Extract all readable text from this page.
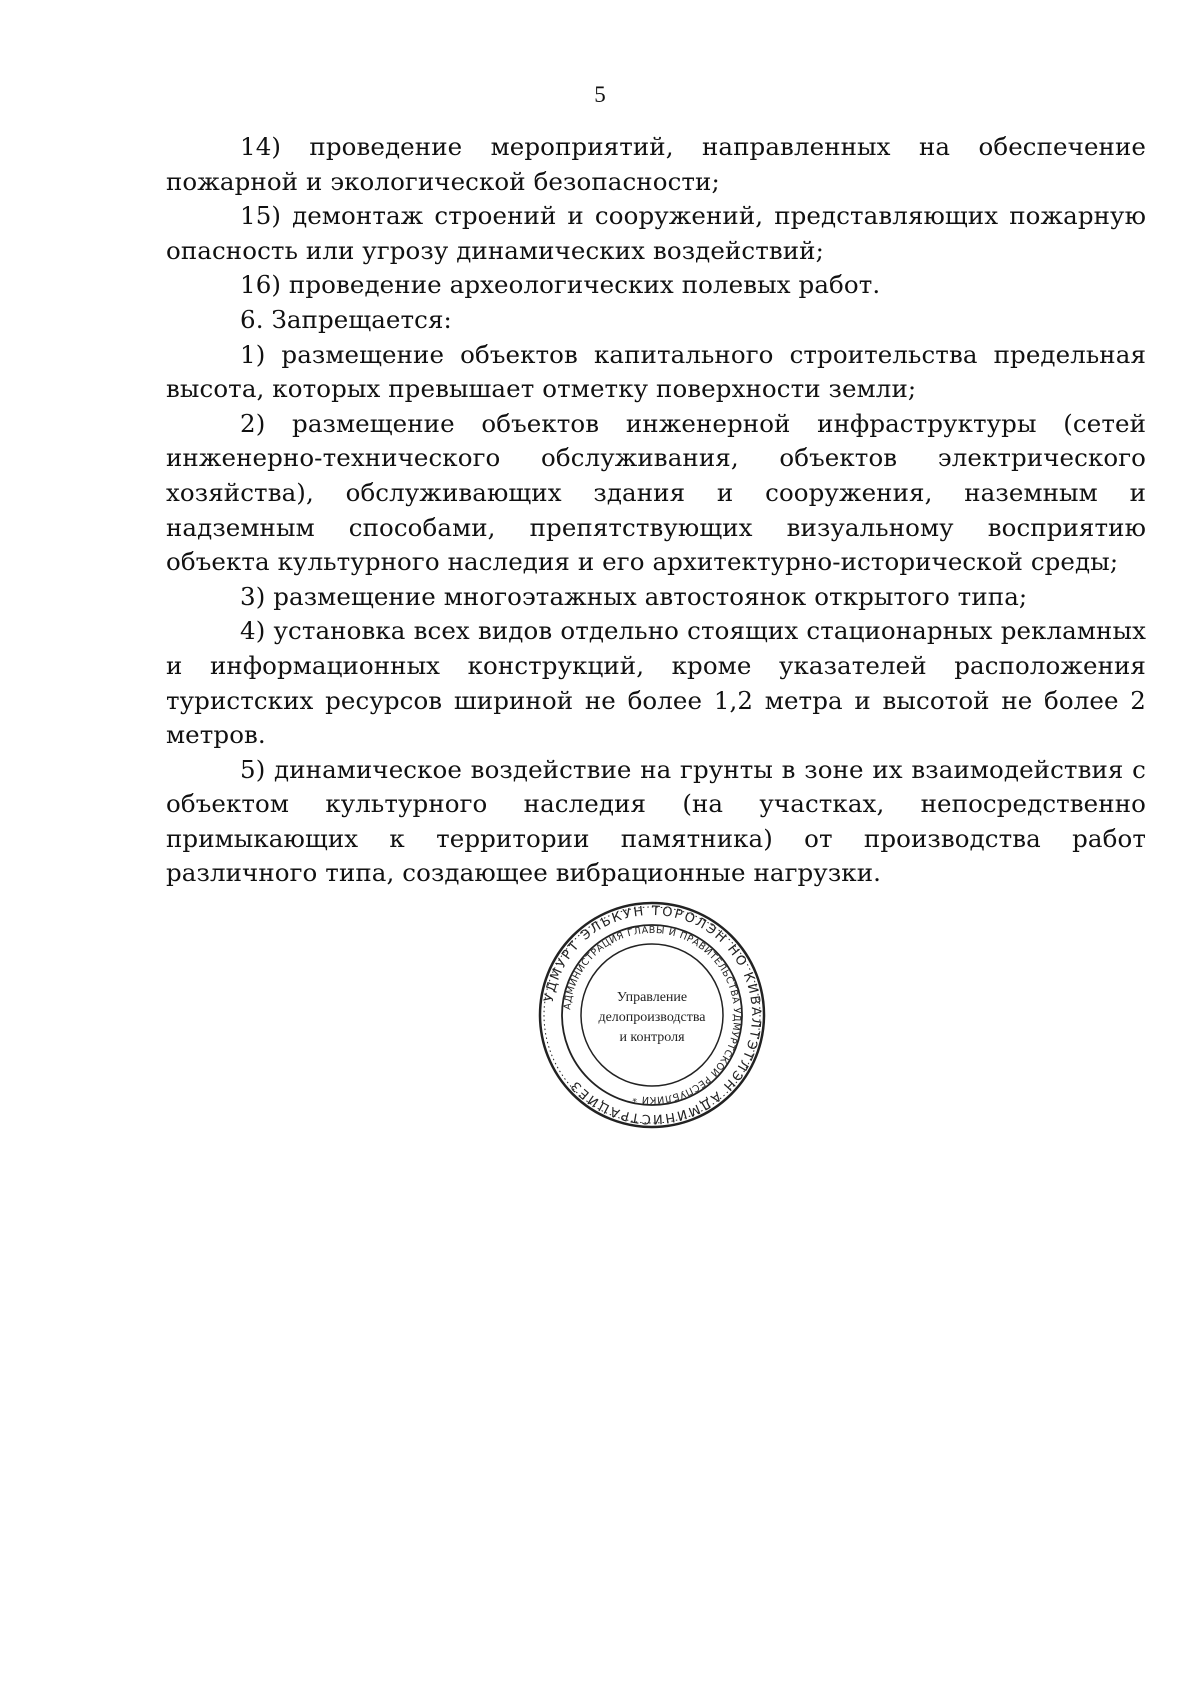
5

14) проведение мероприятий, направленных на обеспечение пожарной и экологической безопасности;

15) демонтаж строений и сооружений, представляющих пожарную опасность или угрозу динамических воздействий;

16) проведение археологических полевых работ.

6. Запрещается:

1) размещение объектов капитального строительства предельная высота, которых превышает отметку поверхности земли;

2) размещение объектов инженерной инфраструктуры (сетей инженерно-технического обслуживания, объектов электрического хозяйства), обслуживающих здания и сооружения, наземным и надземным способами, препятствующих визуальному восприятию объекта культурного наследия и его архитектурно-исторической среды;

3) размещение многоэтажных автостоянок открытого типа;

4) установка всех видов отдельно стоящих стационарных рекламных и информационных конструкций, кроме указателей расположения туристских ресурсов шириной не более 1,2 метра и высотой не более 2 метров.

5) динамическое воздействие на грунты в зоне их взаимодействия с объектом культурного наследия (на участках, непосредственно примыкающих к территории памятника) от производства работ различного типа, создающее вибрационные нагрузки.

УДМУРТ ЭЛЬКУН ТОРОЛЭН НО КИВАЛТЭТЛЭН АДМИНИСТРАЦИЕЗ
АДМИНИСТРАЦИЯ ГЛАВЫ И ПРАВИТЕЛЬСТВА УДМУРТСКОЙ РЕСПУБЛИКИ *
Управление
делопроизводства
и контроля
